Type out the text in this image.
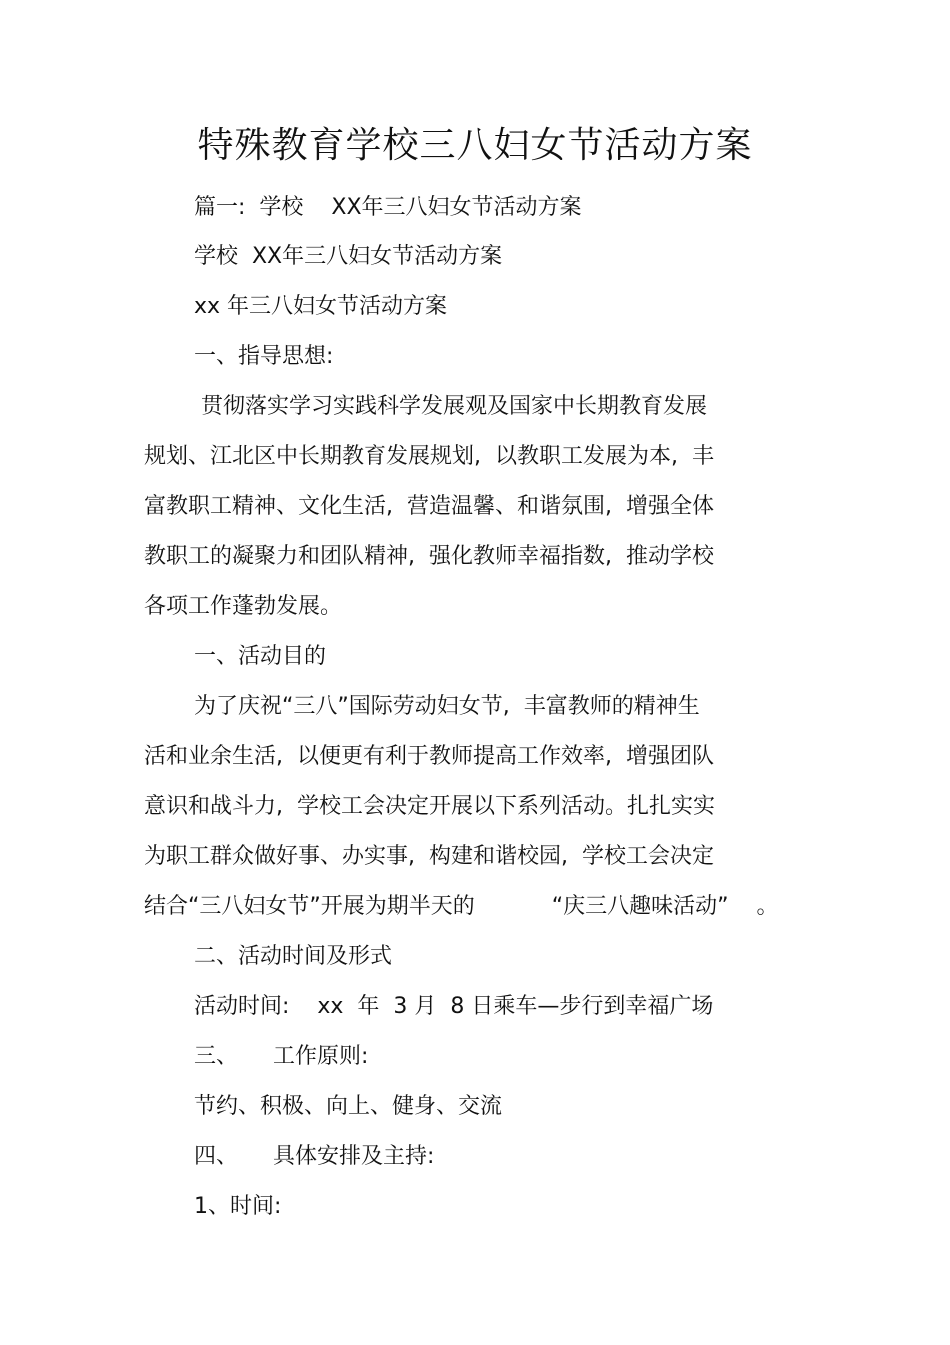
特殊教育学校三八妇女节活动方案
篇一:  学校    XX年三八妇女节活动方案
学校  XX年三八妇女节活动方案
xx 年三八妇女节活动方案
一、指导思想:
贯彻落实学习实践科学发展观及国家中长期教育发展
规划、江北区中长期教育发展规划,  以教职工发展为本,  丰
富教职工精神、文化生活,  营造温馨、和谐氛围,  增强全体
教职工的凝聚力和团队精神,  强化教师幸福指数,  推动学校
各项工作蓬勃发展。
一、活动目的
为了庆祝“三八”国际劳动妇女节,  丰富教师的精神生
活和业余生活,  以便更有利于教师提高工作效率,  增强团队
意识和战斗力,  学校工会决定开展以下系列活动。扎扎实实
为职工群众做好事、办实事,  构建和谐校园,  学校工会决定
结合“三八妇女节”开展为期半天的           “庆三八趣味活动”    。
二、活动时间及形式
活动时间:    xx  年  3 月  8 日乘车—步行到幸福广场
三、     工作原则:
节约、积极、向上、健身、交流
四、     具体安排及主持:
1、时间:
